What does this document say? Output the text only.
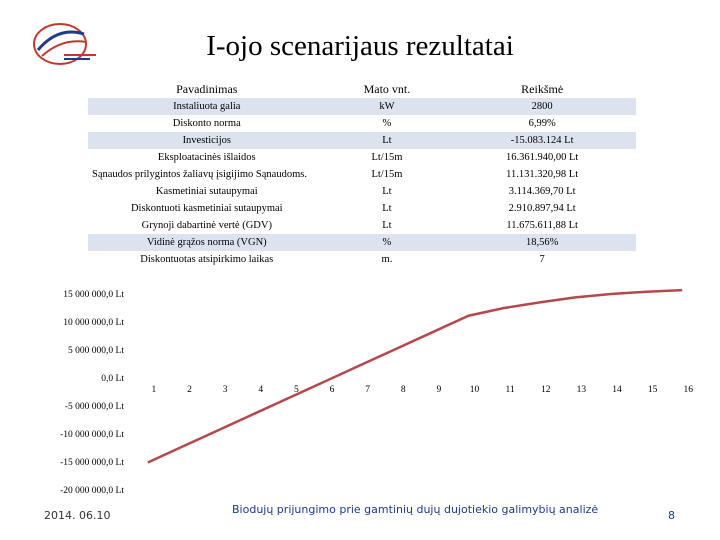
I-ojo scenarijaus rezultatai
Pavadinimas	Mato vnt.	Reikšmė
Instaliuota galia	kW	2800
Diskonto norma	%	6,99%
Investicijos	Lt	-15.083.124 Lt
Eksploatacinės išlaidos	Lt/15m	16.361.940,00 Lt
Sąnaudos prilygintos žaliavų įsigijimo Sąnaudoms.	Lt/15m	11.131.320,98 Lt
Kasmetiniai sutaupymai	Lt	3.114.369,70 Lt
Diskontuoti kasmetiniai sutaupymai	Lt	2.910.897,94 Lt
Grynoji dabartinė vertė (GDV)	Lt	11.675.611,88 Lt
Vidinė grąžos norma (VGN)	%	18,56%
Diskontuotas atsipirkimo laikas	m.	7
15 000 000,0 Lt
10 000 000,0 Lt
5 000 000,0 Lt
0,0 Lt
-5 000 000,0 Lt
-10 000 000,0 Lt
-15 000 000,0 Lt
-20 000 000,0 Lt
1	2	3	4	5	6	7	8	9	10	11	12	13	14	15	16
2014. 06.10	Biodujų prijungimo prie gamtinių dujų dujotiekio galimybių analizė	8
